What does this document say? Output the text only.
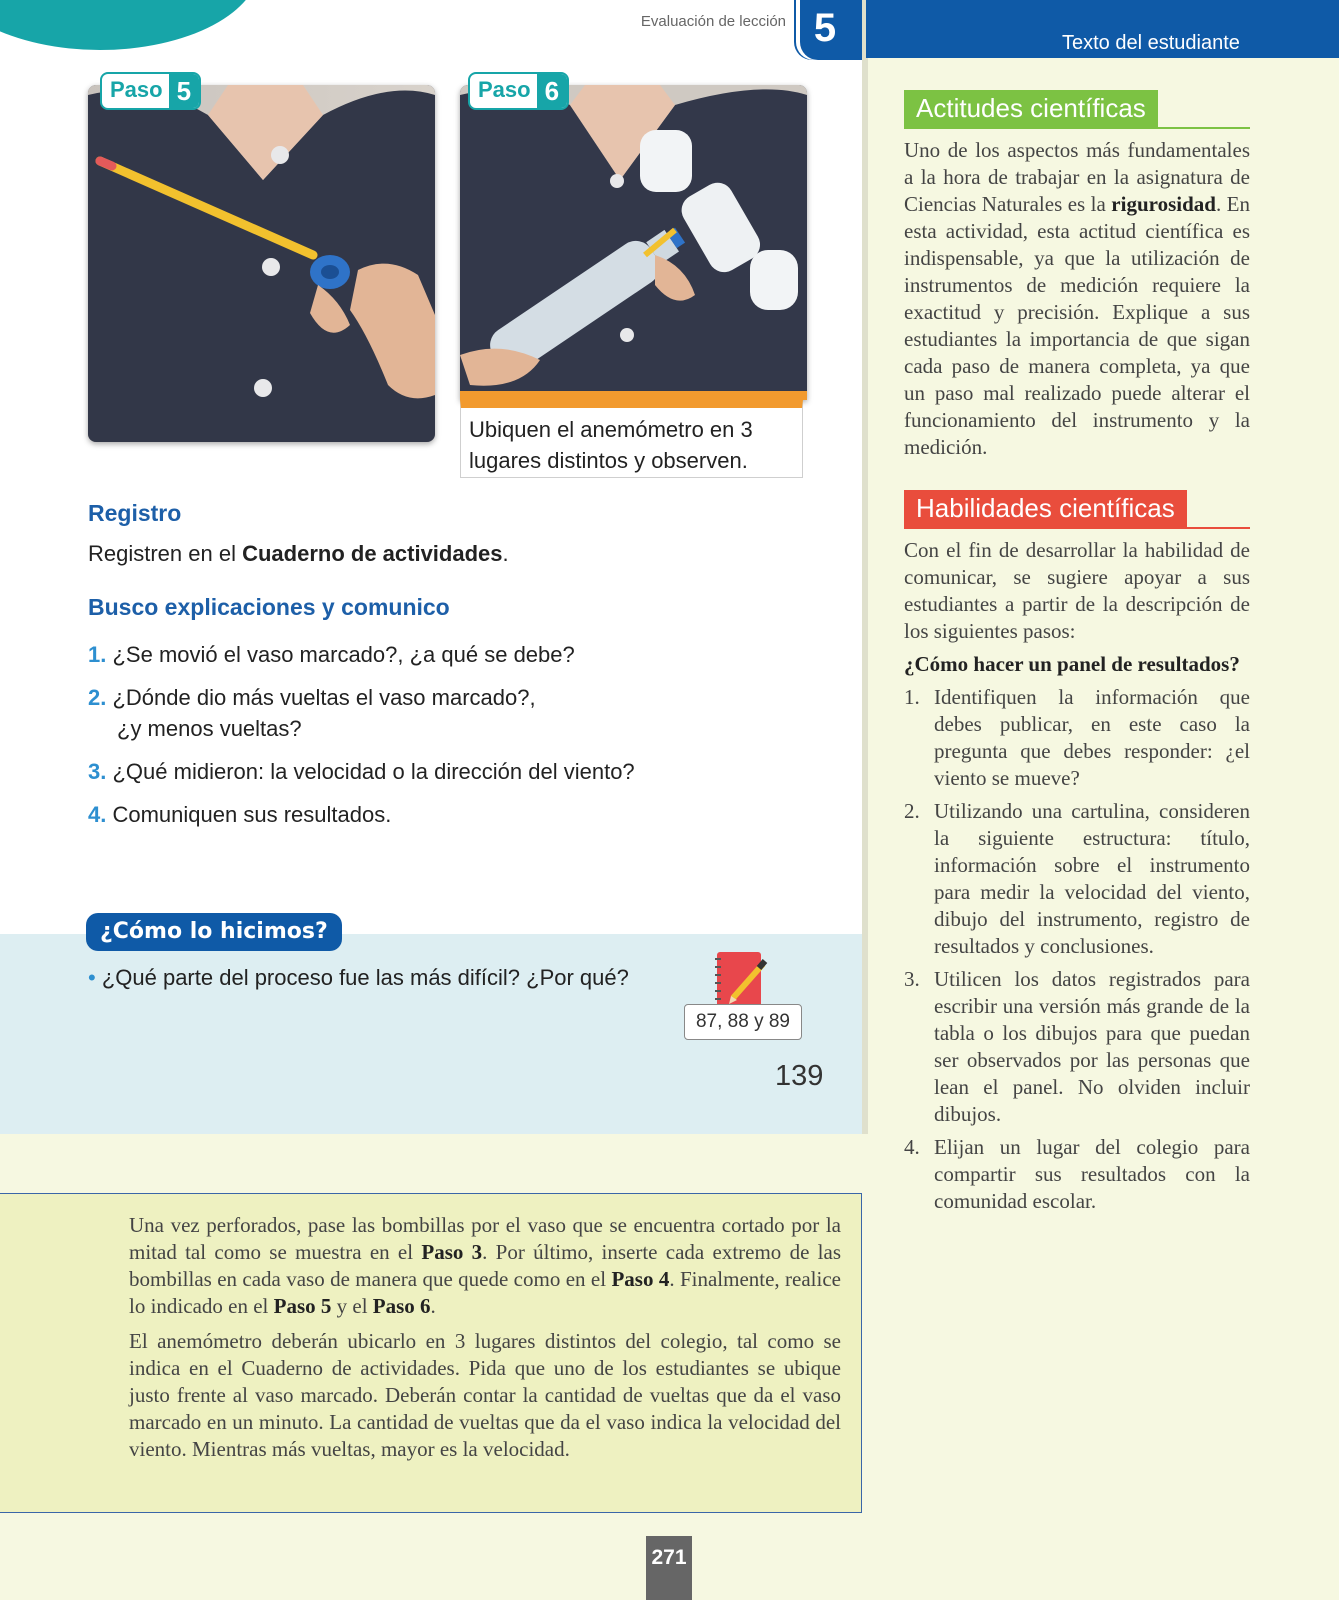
Evaluación de lección 5
Paso 5	Paso 6
Ubiquen el anemómetro en 3 lugares distintos y observen.
Registro
Registren en el Cuaderno de actividades.
Busco explicaciones y comunico
1. ¿Se movió el vaso marcado?, ¿a qué se debe?
2. ¿Dónde dio más vueltas el vaso marcado?,
¿y menos vueltas?
3. ¿Qué midieron: la velocidad o la dirección del viento?
4. Comuniquen sus resultados.
¿Cómo lo hicimos?
• ¿Qué parte del proceso fue las más difícil? ¿Por qué?
87, 88 y 89
139
Texto del estudiante
Actitudes científicas
Uno de los aspectos más fundamentales a la hora de trabajar en la asignatura de Ciencias Naturales es la rigurosidad. En esta actividad, esta actitud científica es indispensable, ya que la utilización de instrumentos de medición requiere la exactitud y precisión. Explique a sus estudiantes la importancia de que sigan cada paso de manera completa, ya que un paso mal realizado puede alterar el funcionamiento del instrumento y la medición.
Habilidades científicas
Con el fin de desarrollar la habilidad de comunicar, se sugiere apoyar a sus estudiantes a partir de la descripción de los siguientes pasos:
¿Cómo hacer un panel de resultados?
1. Identifiquen la información que debes publicar, en este caso la pregunta que debes responder: ¿el viento se mueve?
2. Utilizando una cartulina, consideren la siguiente estructura: título, información sobre el instrumento para medir la velocidad del viento, dibujo del instrumento, registro de resultados y conclusiones.
3. Utilicen los datos registrados para escribir una versión más grande de la tabla o los dibujos para que puedan ser observados por las personas que lean el panel. No olviden incluir dibujos.
4. Elijan un lugar del colegio para compartir sus resultados con la comunidad escolar.

Una vez perforados, pase las bombillas por el vaso que se encuentra cortado por la mitad tal como se muestra en el Paso 3. Por último, inserte cada extremo de las bombillas en cada vaso de manera que quede como en el Paso 4. Finalmente, realice lo indicado en el Paso 5 y el Paso 6.

El anemómetro deberán ubicarlo en 3 lugares distintos del colegio, tal como se indica en el Cuaderno de actividades. Pida que uno de los estudiantes se ubique justo frente al vaso marcado. Deberán contar la cantidad de vueltas que da el vaso marcado en un minuto. La cantidad de vueltas que da el vaso indica la velocidad del viento. Mientras más vueltas, mayor es la velocidad.

271
